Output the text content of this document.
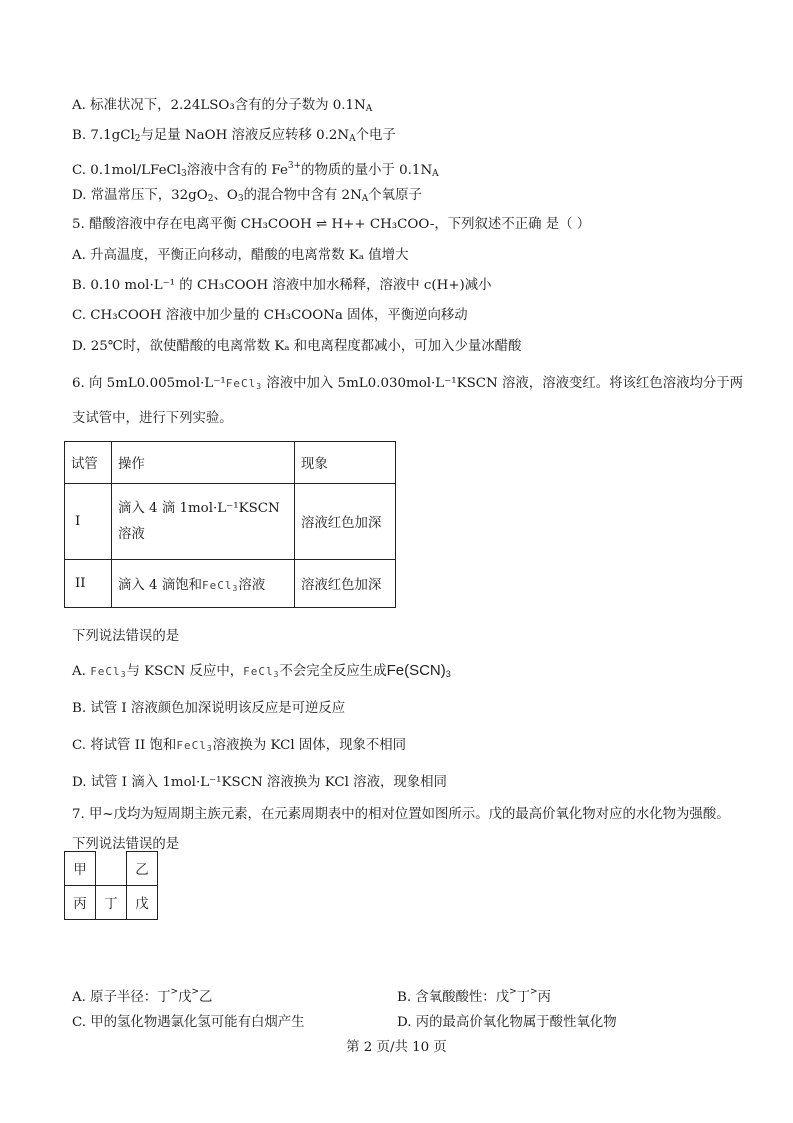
A. 标准状况下，2.24LSO₃含有的分子数为 $0.1N_A$
B. 7.1gCl$_2$与足量 NaOH 溶液反应转移 $0.2N_A$个电子
C. 0.1mol/LFeCl$_3$溶液中含有的 $Fe^{3+}$的物质的量小于 $0.1N_A$
D. 常温常压下，$32gO_2$、$O_3$的混合物中含有 $2N_A$个氧原子
5. 醋酸溶液中存在电离平衡 CH₃COOH ⇌ H++ CH₃COO-，下列叙述不正确 是（ ）
A. 升高温度，平衡正向移动，醋酸的电离常数 Kₐ 值增大
B. 0.10 mol·L⁻¹ 的 CH₃COOH 溶液中加水稀释，溶液中 c(H+)减小
C. CH₃COOH 溶液中加少量的 CH₃COONa 固体，平衡逆向移动
D. 25℃时，欲使醋酸的电离常数 Kₐ 和电离程度都减小，可加入少量冰醋酸
6. 向 5mL0.005mol·L⁻¹FeCl$_3$ 溶液中加入 5mL0.030mol·L⁻¹KSCN 溶液，溶液变红。将该红色溶液均分于两
支试管中，进行下列实验。
试管	操作	现象
I	滴入 4 滴 1mol·L⁻¹KSCN 溶液	溶液红色加深
II	滴入 4 滴饱和FeCl$_3$溶液	溶液红色加深
下列说法错误的是
A. FeCl$_3$与 KSCN 反应中，FeCl$_3$不会完全反应生成$Fe(SCN)_3$
B. 试管 I 溶液颜色加深说明该反应是可逆反应
C. 将试管 II 饱和FeCl$_3$溶液换为 KCl 固体，现象不相同
D. 试管 I 滴入 1mol·L⁻¹KSCN 溶液换为 KCl 溶液，现象相同
7. 甲~戊均为短周期主族元素，在元素周期表中的相对位置如图所示。戊的最高价氧化物对应的水化物为强酸。下列说法错误的是
甲		乙
丙	丁	戊
A. 原子半径：丁>戊>乙	B. 含氧酸酸性：戊>丁>丙
C. 甲的氢化物遇氯化氢可能有白烟产生	D. 丙的最高价氧化物属于酸性氧化物
第 2 页/共 10 页
